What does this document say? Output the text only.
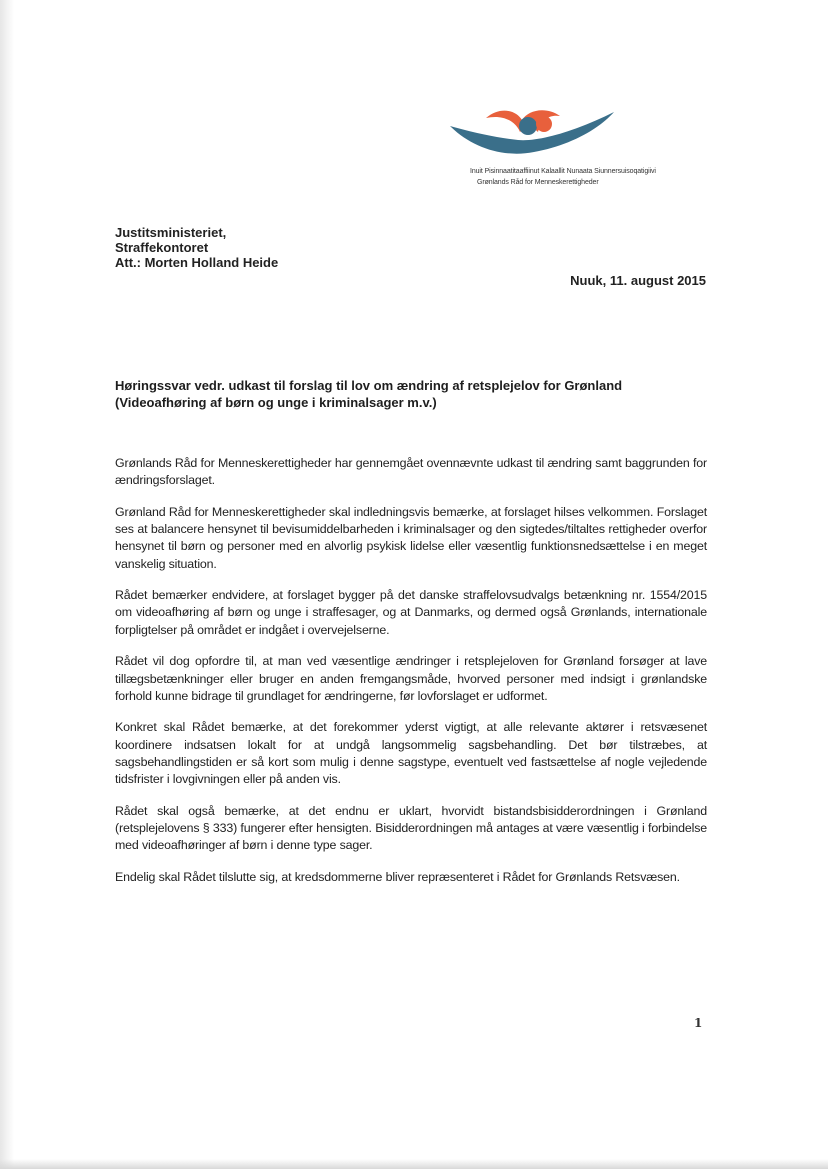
Inuit Pisinnaatitaaffiinut Kalaallit Nunaata Siunnersuisoqatigiivi
Grønlands Råd for Menneskerettigheder
Justitsministeriet,
Straffekontoret
Att.: Morten Holland Heide
Nuuk, 11. august 2015
Høringssvar vedr. udkast til forslag til lov om ændring af retsplejelov for Grønland
(Videoafhøring af børn og unge i kriminalsager m.v.)

Grønlands Råd for Menneskerettigheder har gennemgået ovennævnte udkast til ændring samt baggrunden for ændringsforslaget.

Grønland Råd for Menneskerettigheder skal indledningsvis bemærke, at forslaget hilses velkommen. Forslaget ses at balancere hensynet til bevisumiddelbarheden i kriminalsager og den sigtedes/tiltaltes rettigheder overfor hensynet til børn og personer med en alvorlig psykisk lidelse eller væsentlig funktionsnedsættelse i en meget vanskelig situation.

Rådet bemærker endvidere, at forslaget bygger på det danske straffelovsudvalgs betænkning nr. 1554/2015 om videoafhøring af børn og unge i straffesager, og at Danmarks, og dermed også Grønlands, internationale forpligtelser på området er indgået i overvejelserne.

Rådet vil dog opfordre til, at man ved væsentlige ændringer i retsplejeloven for Grønland forsøger at lave tillægsbetænkninger eller bruger en anden fremgangsmåde, hvorved personer med indsigt i grønlandske forhold kunne bidrage til grundlaget for ændringerne, før lovforslaget er udformet.

Konkret skal Rådet bemærke, at det forekommer yderst vigtigt, at alle relevante aktører i retsvæsenet koordinere indsatsen lokalt for at undgå langsommelig sagsbehandling. Det bør tilstræbes, at sagsbehandlingstiden er så kort som mulig i denne sagstype, eventuelt ved fastsættelse af nogle vejledende tidsfrister i lovgivningen eller på anden vis.

Rådet skal også bemærke, at det endnu er uklart, hvorvidt bistandsbisidderordningen i Grønland (retsplejelovens § 333) fungerer efter hensigten. Bisidderordningen må antages at være væsentlig i forbindelse med videoafhøringer af børn i denne type sager.

Endelig skal Rådet tilslutte sig, at kredsdommerne bliver repræsenteret i Rådet for Grønlands Retsvæsen.

1
